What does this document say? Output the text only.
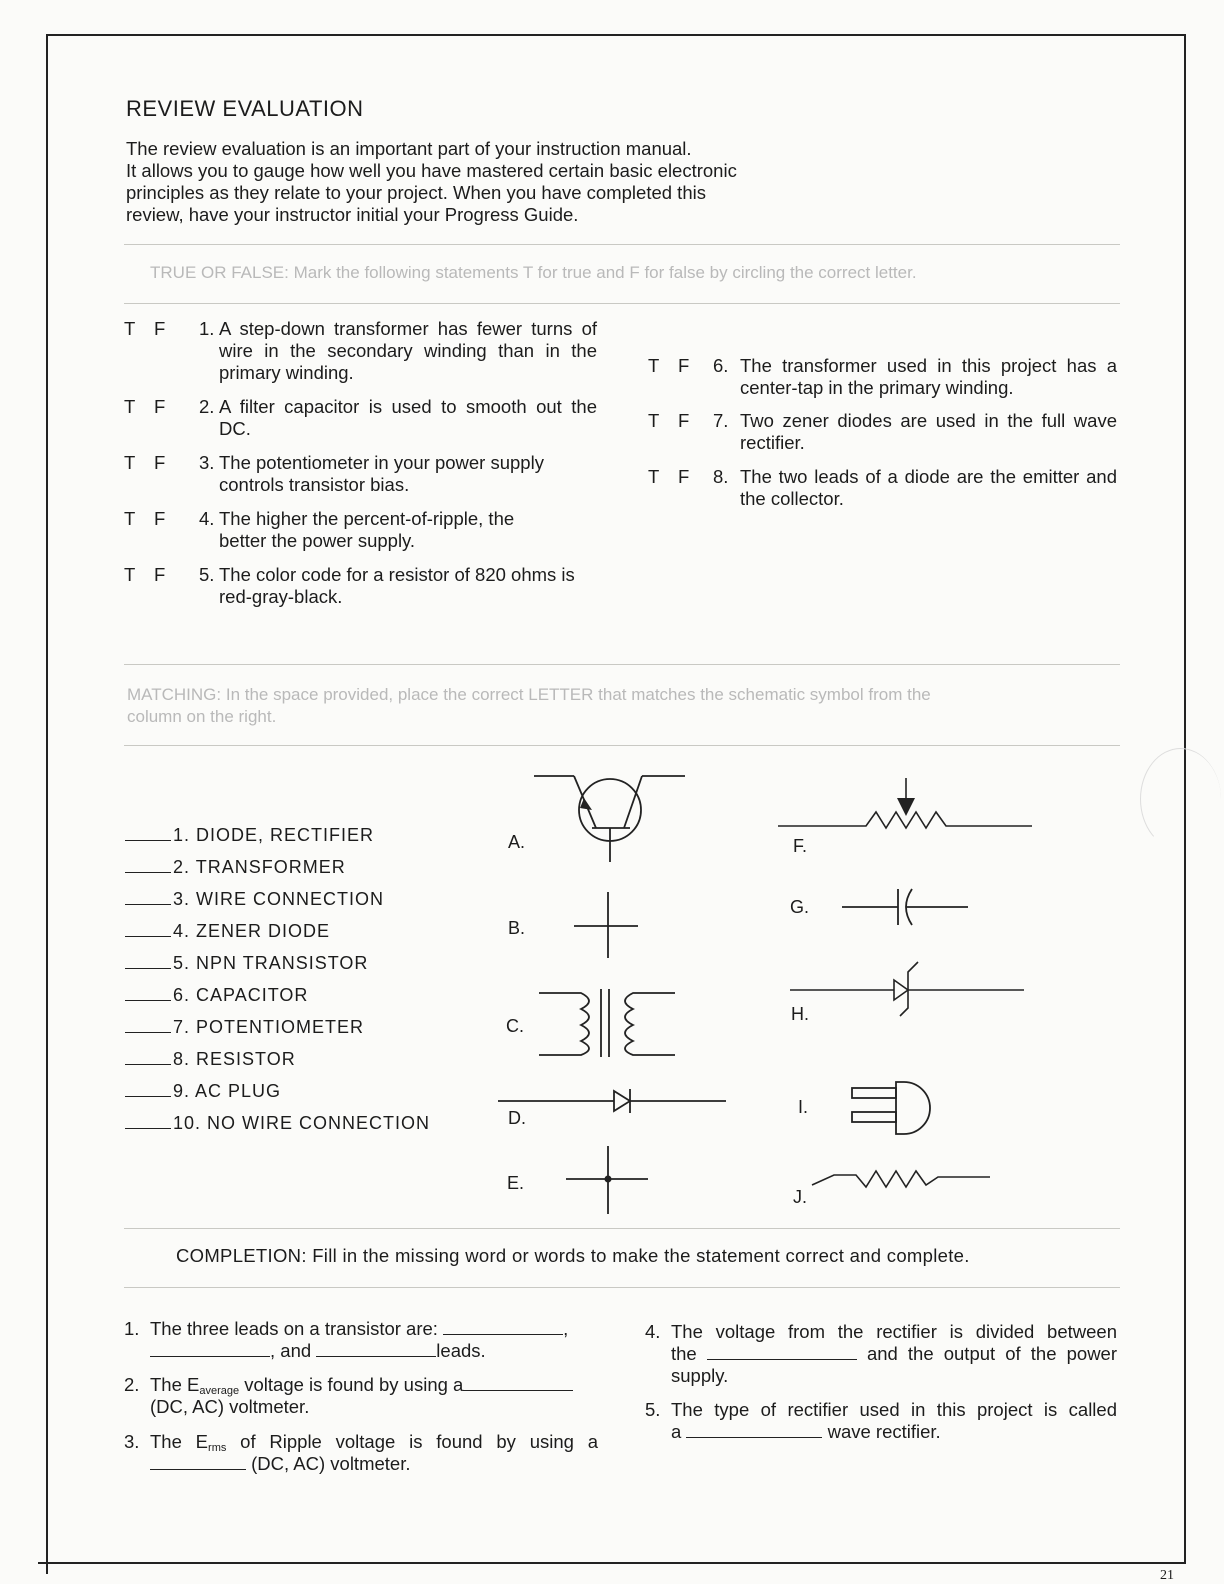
REVIEW EVALUATION
The review evaluation is an important part of your instruction manual.
It allows you to gauge how well you have mastered certain basic electronic
principles as they relate to your project. When you have completed this
review, have your instructor initial your Progress Guide.
TRUE OR FALSE: Mark the following statements T for true and F for false by circling the correct letter.
T F 1. A step-down transformer has fewer turns of wire in the secondary winding than in the primary winding.
T F 2. A filter capacitor is used to smooth out the DC.
T F 3. The potentiometer in your power supply controls transistor bias.
T F 4. The higher the percent-of-ripple, the better the power supply.
T F 5. The color code for a resistor of 820 ohms is red-gray-black.
T F 6. The transformer used in this project has a center-tap in the primary winding.
T F 7. Two zener diodes are used in the full wave rectifier.
T F 8. The two leads of a diode are the emitter and the collector.
MATCHING: In the space provided, place the correct LETTER that matches the schematic symbol from the
column on the right.
1. DIODE, RECTIFIER
2. TRANSFORMER
3. WIRE CONNECTION
4. ZENER DIODE
5. NPN TRANSISTOR
6. CAPACITOR
7. POTENTIOMETER
8. RESISTOR
9. AC PLUG
10. NO WIRE CONNECTION
A.
B.
C.
D.
E.
F.
G.
H.
I.
J.
COMPLETION: Fill in the missing word or words to make the statement correct and complete.
1. The three leads on a transistor are:	,
, and	leads.
2. The $E_{average}$ voltage is found by using a
(DC, AC) voltmeter.
3. The $E_{rms}$ of Ripple voltage is found by using a
(DC, AC) voltmeter.
4. The voltage from the rectifier is divided between
the	and the output of the power
supply.
5. The type of rectifier used in this project is called
a	wave rectifier.
21
